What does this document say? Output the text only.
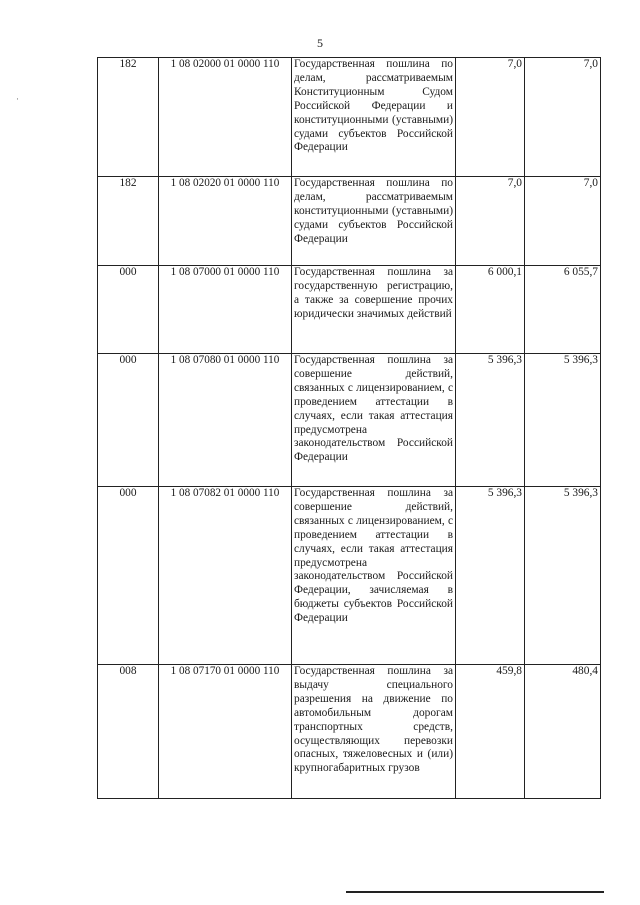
5
·
182	1 08 02000 01 0000 110	Государственная пошлина по делам, рассматриваемым Конституционным Судом Российской Федерации и конституционными (уставными) судами субъектов Российской Федерации	7,0	7,0
182	1 08 02020 01 0000 110	Государственная пошлина по делам, рассматриваемым конституционными (уставными) судами субъектов Российской Федерации	7,0	7,0
000	1 08 07000 01 0000 110	Государственная пошлина за государственную регистрацию, а также за совершение прочих юридически значимых действий	6 000,1	6 055,7
000	1 08 07080 01 0000 110	Государственная пошлина за совершение действий, связанных с лицензированием, с проведением аттестации в случаях, если такая аттестация предусмотрена законодательством Российской Федерации	5 396,3	5 396,3
000	1 08 07082 01 0000 110	Государственная пошлина за совершение действий, связанных с лицензированием, с проведением аттестации в случаях, если такая аттестация предусмотрена законодательством Российской Федерации, зачисляемая в бюджеты субъектов Российской Федерации	5 396,3	5 396,3
008	1 08 07170 01 0000 110	Государственная пошлина за выдачу специального разрешения на движение по автомобильным дорогам транспортных средств, осуществляющих перевозки опасных, тяжеловесных и (или) крупногабаритных грузов	459,8	480,4
